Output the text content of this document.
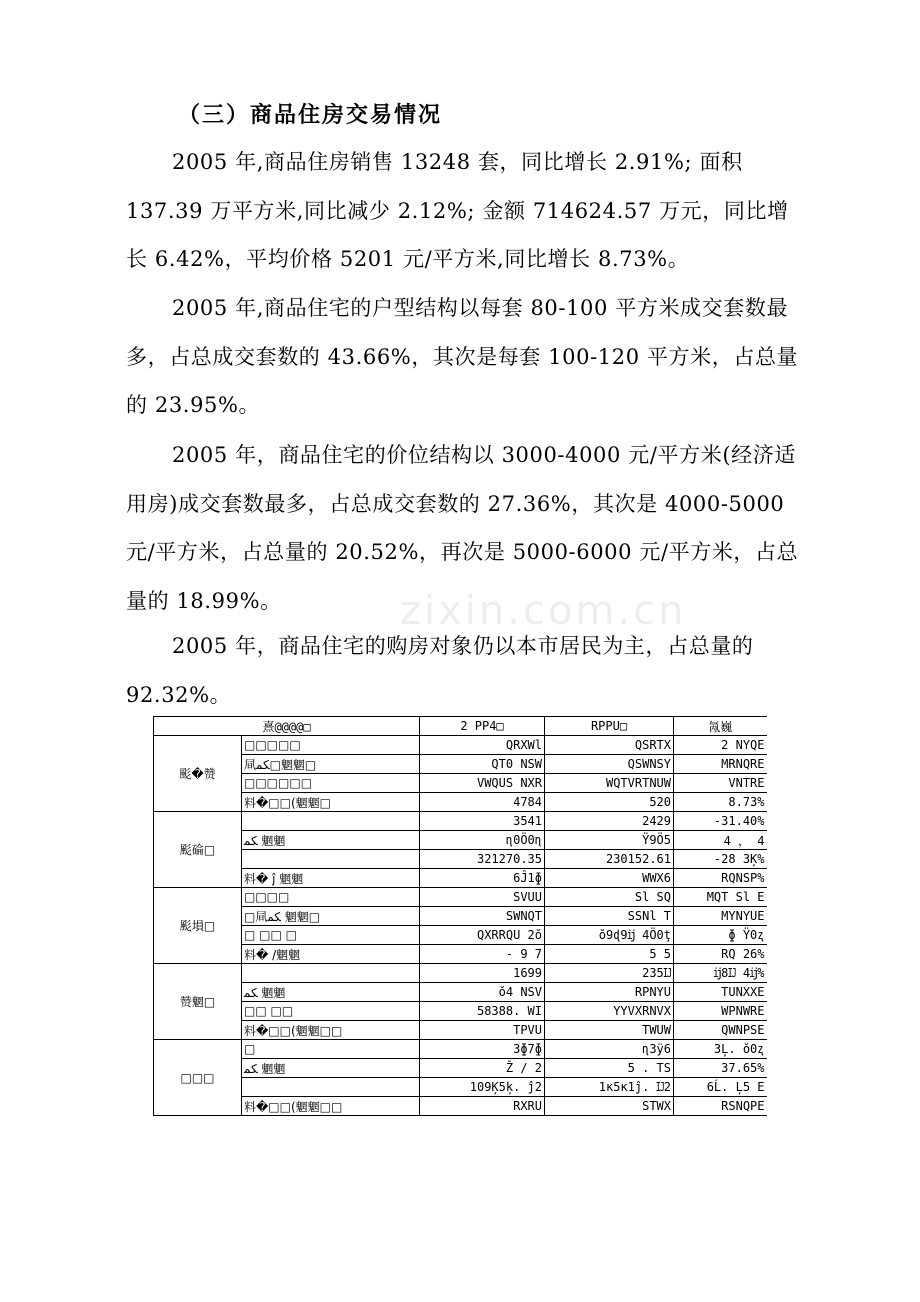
（三）商品住房交易情况

2005 年,商品住房销售 13248 套，同比增长 2.91%; 面积 137.39 万平方米,同比减少 2.12%; 金额 714624.57 万元，同比增长 6.42%，平均价格 5201 元/平方米,同比增长 8.73%。

2005 年,商品住宅的户型结构以每套 80-100 平方米成交套数最多，占总成交套数的 43.66%，其次是每套 100-120 平方米，占总量的 23.95%。

2005 年，商品住宅的价位结构以 3000-4000 元/平方米(经济适用房)成交套数最多，占总成交套数的 27.36%，其次是 4000-5000 元/平方米，占总量的 20.52%，再次是 5000-6000 元/平方米，占总量的 18.99%。

2005 年，商品住宅的购房对象仍以本市居民为主，占总量的 92.32%。

zixin.com.cn
熹@@@@□		2 PP4□	RPPU□	氝巍
颩�赞	□□□□□	QRXWl	QSRTX	2 NYQE
	凬ﻜﻤ□魍魍□	QT0 NSW	QSWNSY	MRNQRE
	□□□□□□	VWQUS NXR	WQTVRTNUW	VNTRE
	料�□□(魍魍□	4784	520	8.73%
颩碖□		3541	2429	-31.40%
	ﻜﻤ 魍魍	ɳ0Ö0ɳ	Ÿ9Ö5	4 ， 4
		321270.35	230152.61	-28 3Ķ%
	料� ĵ 魍魍	6Ĵ1ɸ	WWX6	RQNSP%
颩塤□	□□□□	SVUU	Sl SQ	MQT Sl E
	□凬ﻜﻤ 魍魍□	SWNQT	SSNl T	MYNYUE
	□ □□ □	QXRRQU 2ŏ	ŏ9ɖ9ĳ 4Ö0ţ	ɸ Ÿ0ʐ
	料� /魍魍	- 9 7	5 5	RQ 26%
赞魍□		1699	235Ĳ	ĳ8Ĳ 4ĳ%
	ﻜﻤ 魍魍	ŏ4 NSV	RPNYU	TUNXXE
	□□ □□	58388. WI	YYVXRNVX	WPNWRE
	料�□□(魍魍□□	TPVU	TWUW	QWNPSE
□□□	□	3ɸ7ɸ	ɳ3ÿ6	3Ļ. ŏ0ʐ
	ﻜﻤ 魍魍	Ž / 2	5 . TS	37.65%
		109Ķ5ķ. ĵ2	1κ5κ1ĵ. Ĳ2	6Ĺ. Ļ5 E
	料�□□(魍魍□□	RXRU	STWX	RSNQPE
